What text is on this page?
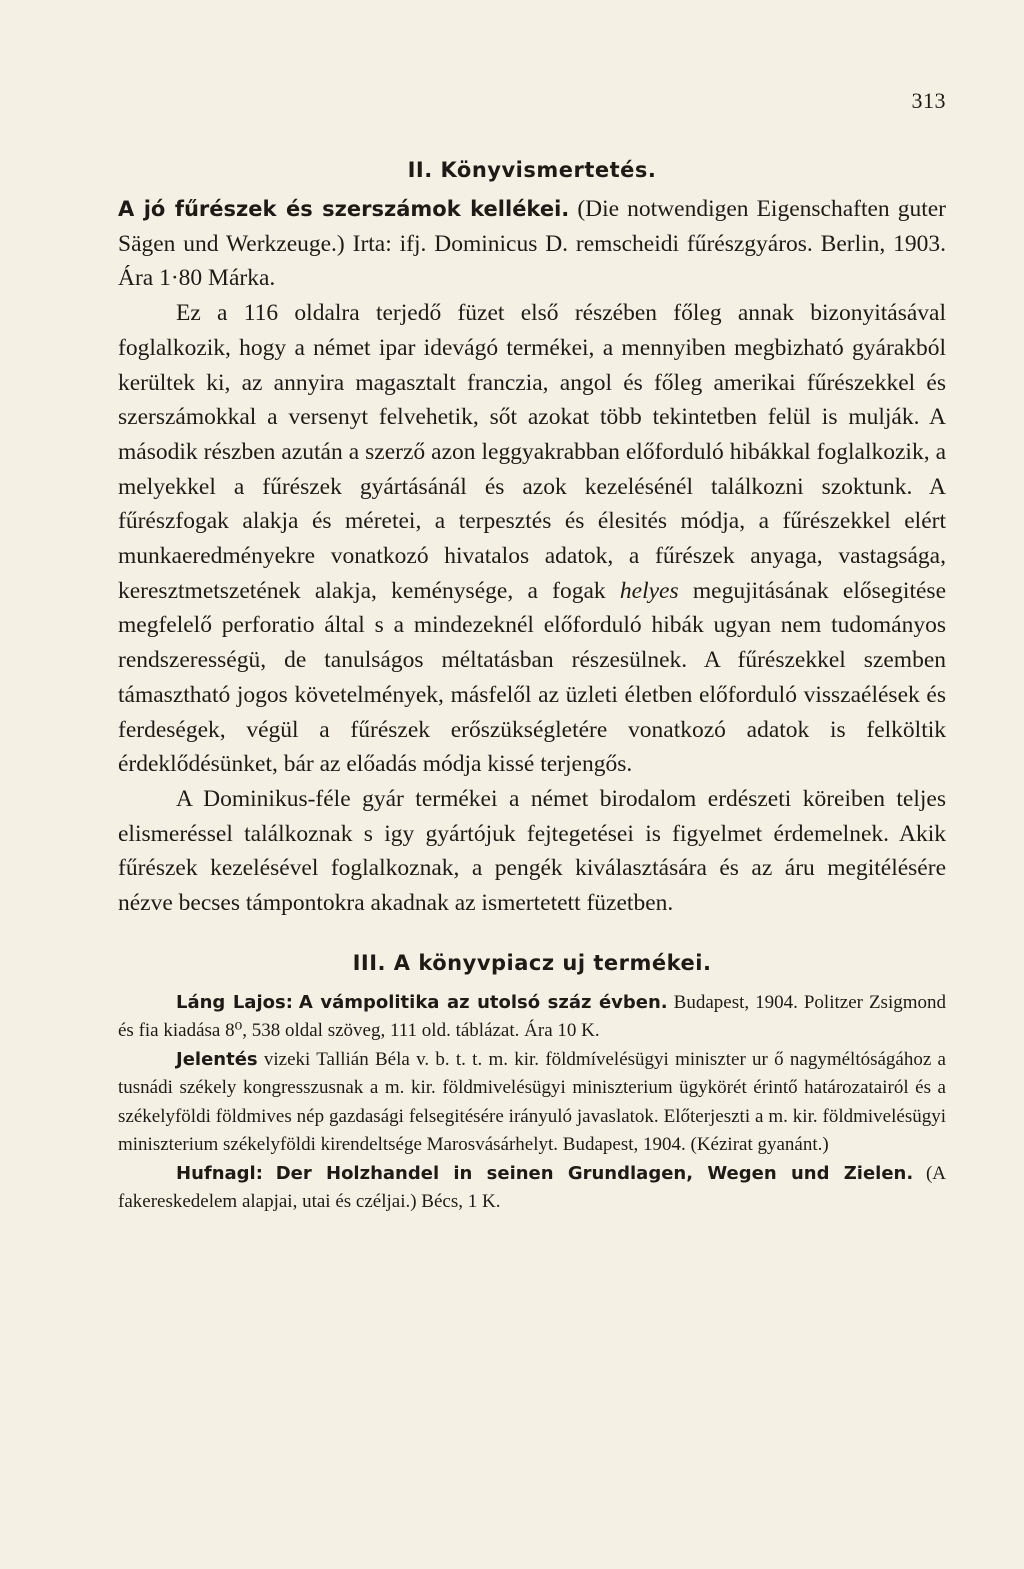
313
II. Könyvismertetés.

A jó fűrészek és szerszámok kellékei. (Die notwendigen Eigenschaften guter Sägen und Werkzeuge.) Irta: ifj. Dominicus D. remscheidi fűrészgyáros. Berlin, 1903. Ára 1·80 Márka.

Ez a 116 oldalra terjedő füzet első részében főleg annak bizonyitásával foglalkozik, hogy a német ipar idevágó termékei, a mennyiben megbizható gyárakból kerültek ki, az annyira magasztalt franczia, angol és főleg amerikai fűrészekkel és szerszámokkal a versenyt felvehetik, sőt azokat több tekintetben felül is mulják. A második részben azután a szerző azon leggyakrabban előforduló hibákkal foglalkozik, a melyekkel a fűrészek gyártásánál és azok kezelésénél találkozni szoktunk. A fűrészfogak alakja és méretei, a terpesztés és élesités módja, a fűrészekkel elért munkaeredményekre vonatkozó hivatalos adatok, a fűrészek anyaga, vastagsága, keresztmetszetének alakja, keménysége, a fogak helyes megujitásának elősegitése megfelelő perforatio által s a mindezeknél előforduló hibák ugyan nem tudományos rendszerességü, de tanulságos méltatásban részesülnek. A fűrészekkel szemben támasztható jogos követelmények, másfelől az üzleti életben előforduló visszaélések és ferdeségek, végül a fűrészek erőszükségletére vonatkozó adatok is felköltik érdeklődésünket, bár az előadás módja kissé terjengős.

A Dominikus-féle gyár termékei a német birodalom erdészeti köreiben teljes elismeréssel találkoznak s igy gyártójuk fejtegetései is figyelmet érdemelnek. Akik fűrészek kezelésével foglalkoznak, a pengék kiválasztására és az áru megitélésére nézve becses támpontokra akadnak az ismertetett füzetben.

III. A könyvpiacz uj termékei.

Láng Lajos: A vámpolitika az utolsó száz évben. Budapest, 1904. Politzer Zsigmond és fia kiadása 8⁰, 538 oldal szöveg, 111 old. táblázat. Ára 10 K.

Jelentés vizeki Tallián Béla v. b. t. t. m. kir. földmívelésügyi miniszter ur ő nagyméltóságához a tusnádi székely kongresszusnak a m. kir. földmivelésügyi miniszterium ügykörét érintő határozatairól és a székelyföldi földmives nép gazdasági felsegitésére irányuló javaslatok. Előterjeszti a m. kir. földmivelésügyi miniszterium székelyföldi kirendeltsége Marosvásárhelyt. Budapest, 1904. (Kézirat gyanánt.)

Hufnagl: Der Holzhandel in seinen Grundlagen, Wegen und Zielen. (A fakereskedelem alapjai, utai és czéljai.) Bécs, 1 K.
